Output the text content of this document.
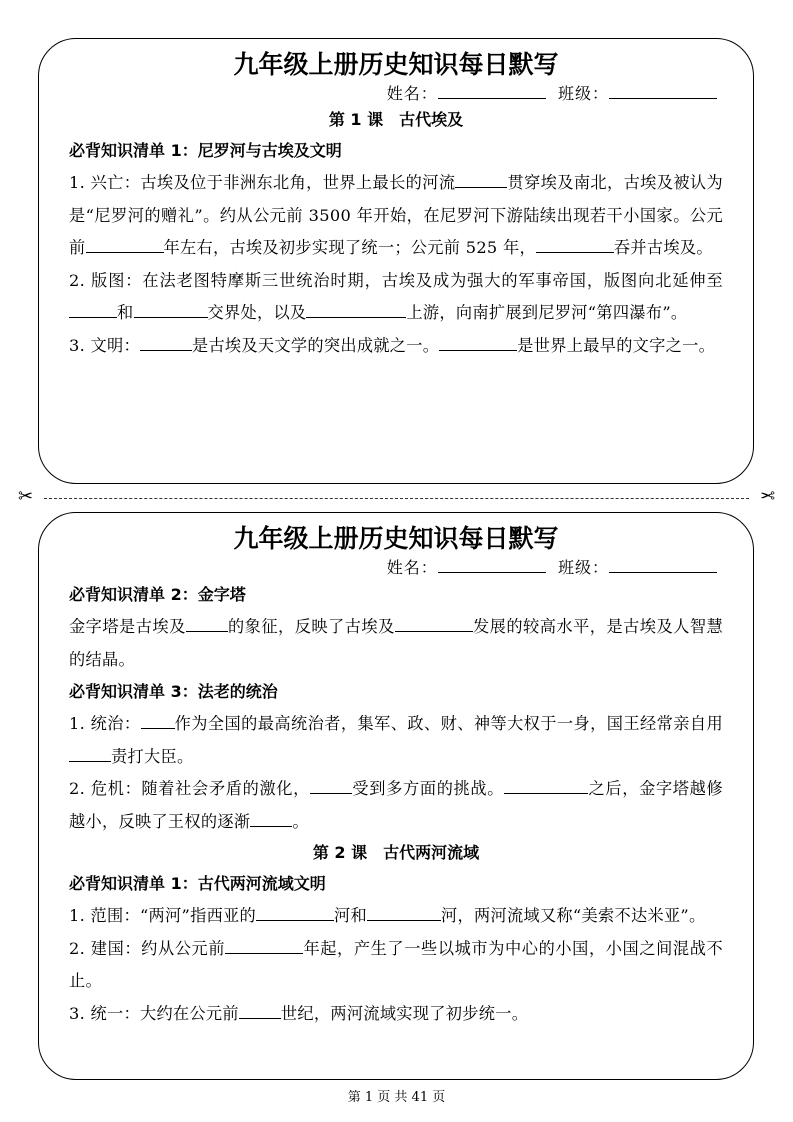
九年级上册历史知识每日默写
姓名：	班级：
第 1 课　古代埃及
必背知识清单 1：尼罗河与古埃及文明
1. 兴亡：古埃及位于非洲东北角，世界上最长的河流	贯穿埃及南北，古埃及被认为是“尼罗河的赠礼”。约从公元前 3500 年开始，在尼罗河下游陆续出现若干小国家。公元前	年左右，古埃及初步实现了统一；公元前 525 年，	吞并古埃及。
2. 版图：在法老图特摩斯三世统治时期，古埃及成为强大的军事帝国，版图向北延伸至和	交界处，以及	上游，向南扩展到尼罗河“第四瀑布”。
3. 文明：	是古埃及天文学的突出成就之一。	是世界上最早的文字之一。
✂	✂
九年级上册历史知识每日默写
姓名：	班级：
必背知识清单 2：金字塔
金字塔是古埃及	的象征，反映了古埃及	发展的较高水平，是古埃及人智慧的结晶。
必背知识清单 3：法老的统治
1. 统治： 作为全国的最高统治者，集军、政、财、神等大权于一身，国王经常亲自用责打大臣。
2. 危机：随着社会矛盾的激化，	受到多方面的挑战。	之后，金字塔越修越小，反映了王权的逐渐	。
第 2 课　古代两河流域
必背知识清单 1：古代两河流域文明
1. 范围：“两河”指西亚的	河和	河，两河流域又称“美索不达米亚”。
2. 建国：约从公元前	年起，产生了一些以城市为中心的小国，小国之间混战不止。
3. 统一：大约在公元前	世纪，两河流域实现了初步统一。
第 1 页 共 41 页
